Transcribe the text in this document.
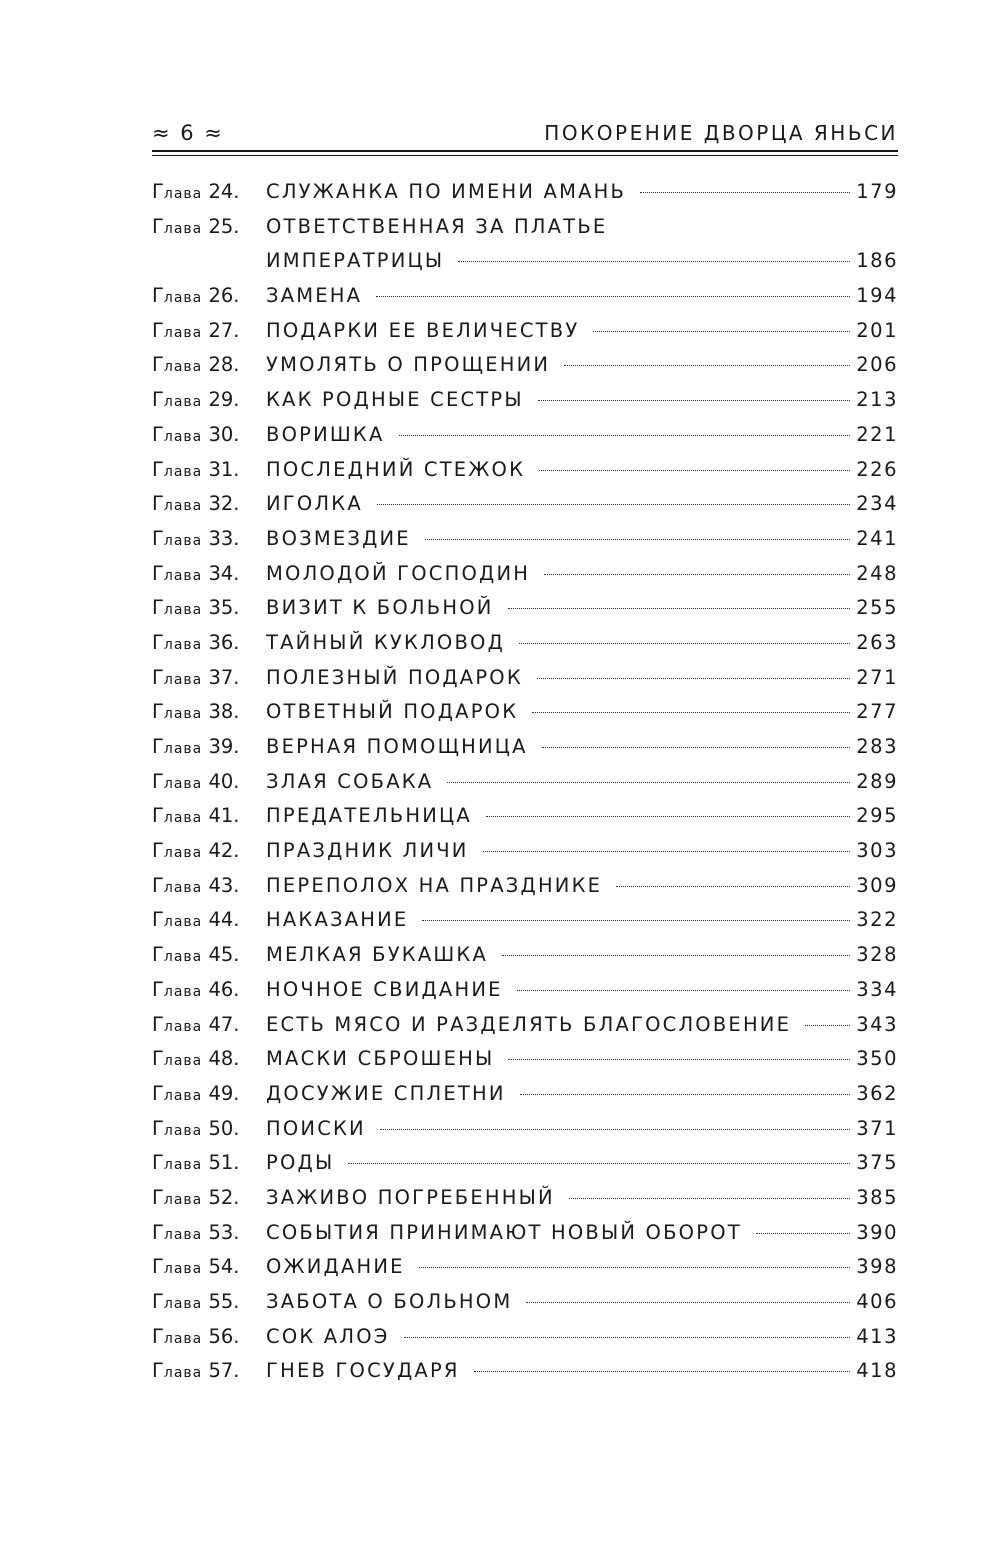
≈ 6 ≈	ПОКОРЕНИЕ ДВОРЦА ЯНЬСИ
Глава 24.	СЛУЖАНКА ПО ИМЕНИ АМАНЬ	179
Глава 25.	ОТВЕТСТВЕННАЯ ЗА ПЛАТЬЕ
ИМПЕРАТРИЦЫ	186
Глава 26.	ЗАМЕНА	194
Глава 27.	ПОДАРКИ ЕЕ ВЕЛИЧЕСТВУ	201
Глава 28.	УМОЛЯТЬ О ПРОЩЕНИИ	206
Глава 29.	КАК РОДНЫЕ СЕСТРЫ	213
Глава 30.	ВОРИШКА	221
Глава 31.	ПОСЛЕДНИЙ СТЕЖОК	226
Глава 32.	ИГОЛКА	234
Глава 33.	ВОЗМЕЗДИЕ	241
Глава 34.	МОЛОДОЙ ГОСПОДИН	248
Глава 35.	ВИЗИТ К БОЛЬНОЙ	255
Глава 36.	ТАЙНЫЙ КУКЛОВОД	263
Глава 37.	ПОЛЕЗНЫЙ ПОДАРОК	271
Глава 38.	ОТВЕТНЫЙ ПОДАРОК	277
Глава 39.	ВЕРНАЯ ПОМОЩНИЦА	283
Глава 40.	ЗЛАЯ СОБАКА	289
Глава 41.	ПРЕДАТЕЛЬНИЦА	295
Глава 42.	ПРАЗДНИК ЛИЧИ	303
Глава 43.	ПЕРЕПОЛОХ НА ПРАЗДНИКЕ	309
Глава 44.	НАКАЗАНИЕ	322
Глава 45.	МЕЛКАЯ БУКАШКА	328
Глава 46.	НОЧНОЕ СВИДАНИЕ	334
Глава 47.	ЕСТЬ МЯСО И РАЗДЕЛЯТЬ БЛАГОСЛОВЕНИЕ	343
Глава 48.	МАСКИ СБРОШЕНЫ	350
Глава 49.	ДОСУЖИЕ СПЛЕТНИ	362
Глава 50.	ПОИСКИ	371
Глава 51.	РОДЫ	375
Глава 52.	ЗАЖИВО ПОГРЕБЕННЫЙ	385
Глава 53.	СОБЫТИЯ ПРИНИМАЮТ НОВЫЙ ОБОРОТ	390
Глава 54.	ОЖИДАНИЕ	398
Глава 55.	ЗАБОТА О БОЛЬНОМ	406
Глава 56.	СОК АЛОЭ	413
Глава 57.	ГНЕВ ГОСУДАРЯ	418
